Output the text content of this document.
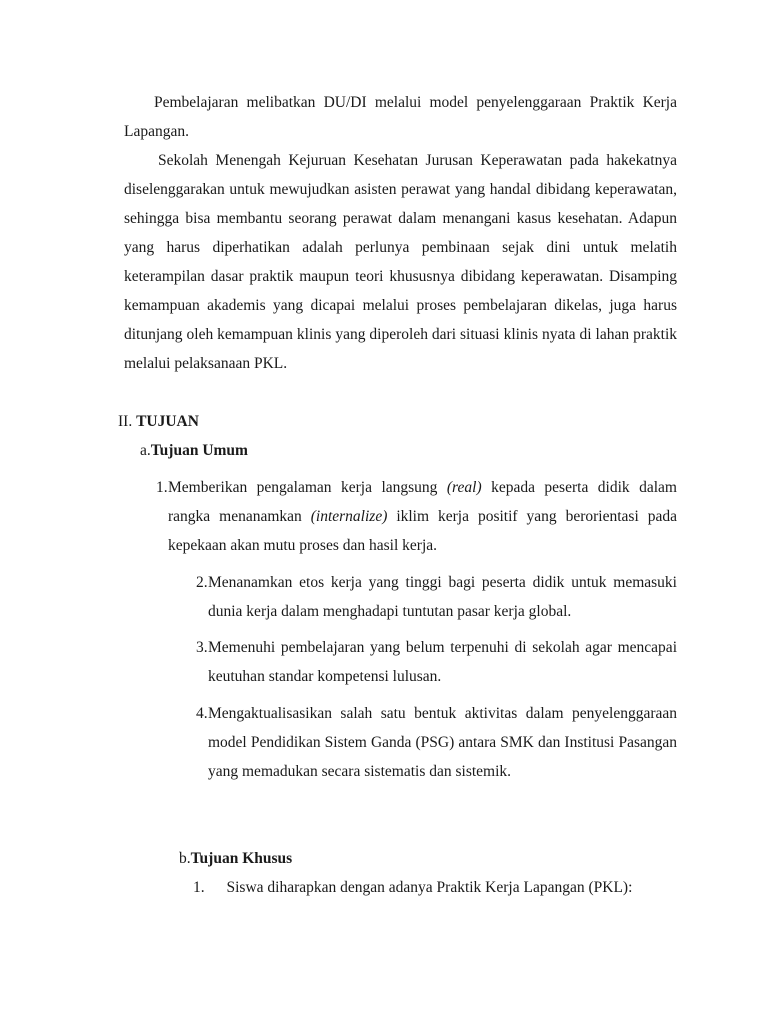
Pembelajaran melibatkan DU/DI melalui model penyelenggaraan Praktik Kerja Lapangan.

Sekolah Menengah Kejuruan Kesehatan Jurusan Keperawatan pada hakekatnya diselenggarakan untuk mewujudkan asisten perawat yang handal dibidang keperawatan, sehingga bisa membantu seorang perawat dalam menangani kasus kesehatan. Adapun yang harus diperhatikan adalah perlunya pembinaan sejak dini untuk melatih keterampilan dasar praktik maupun teori khususnya dibidang keperawatan. Disamping kemampuan akademis yang dicapai melalui proses pembelajaran dikelas, juga harus ditunjang oleh kemampuan klinis yang diperoleh dari situasi klinis nyata di lahan praktik melalui pelaksanaan PKL.

II. TUJUAN
a.Tujuan Umum
1. Memberikan pengalaman kerja langsung (real) kepada peserta didik dalam rangka menanamkan (internalize) iklim kerja positif yang berorientasi pada kepekaan akan mutu proses dan hasil kerja.
2. Menanamkan etos kerja yang tinggi bagi peserta didik untuk memasuki dunia kerja dalam menghadapi tuntutan pasar kerja global.
3. Memenuhi pembelajaran yang belum terpenuhi di sekolah agar mencapai keutuhan standar kompetensi lulusan.
4. Mengaktualisasikan salah satu bentuk aktivitas dalam penyelenggaraan model Pendidikan Sistem Ganda (PSG) antara SMK dan Institusi Pasangan yang memadukan secara sistematis dan sistemik.
b.Tujuan Khusus
1. Siswa diharapkan dengan adanya Praktik Kerja Lapangan (PKL):
